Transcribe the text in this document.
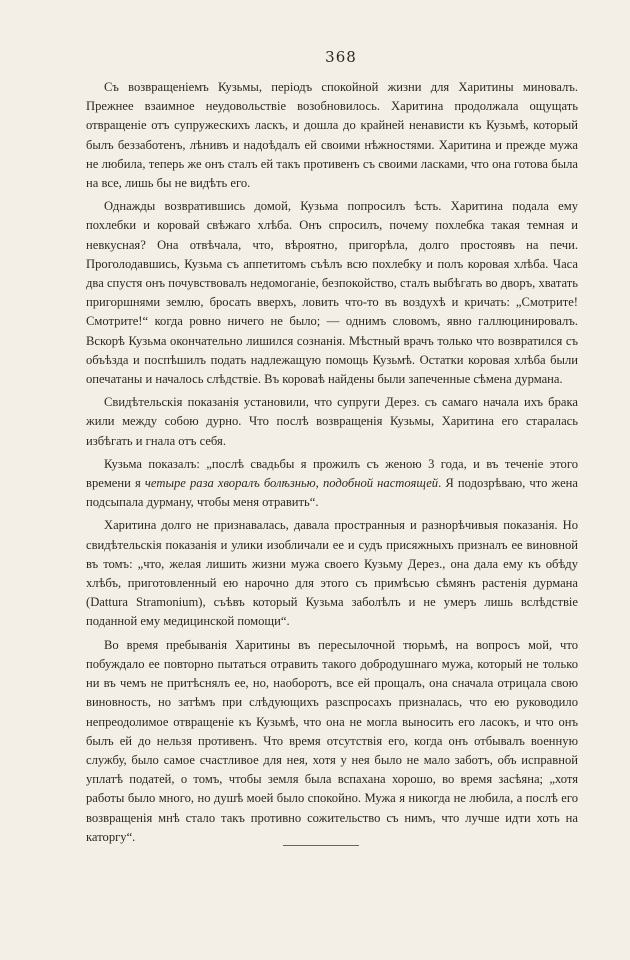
368

Съ возвращеніемъ Кузьмы, періодъ спокойной жизни для Харитины миновалъ. Прежнее взаимное неудовольствіе возобновилось. Харитина продолжала ощущать отвращеніе отъ супружескихъ ласкъ, и дошла до крайней ненависти къ Кузьмѣ, который былъ беззаботенъ, лѣнивъ и надоѣдалъ ей своими нѣжностями. Харитина и прежде мужа не любила, теперь же онъ сталъ ей такъ противенъ съ своими ласками, что она готова была на все, лишь бы не видѣть его.

Однажды возвратившись домой, Кузьма попросилъ ѣсть. Харитина подала ему похлебки и коровай свѣжаго хлѣба. Онъ спросилъ, почему похлебка такая темная и невкусная? Она отвѣчала, что, вѣроятно, пригорѣла, долго простоявъ на печи. Проголодавшись, Кузьма съ аппетитомъ съѣлъ всю похлебку и полъ коровая хлѣба. Часа два спустя онъ почувствовалъ недомоганіе, безпокойство, сталъ выбѣгать во дворъ, хватать пригоршнями землю, бросать вверхъ, ловить что-то въ воздухѣ и кричать: „Смотрите! Смотрите!“ когда ровно ничего не было; — однимъ словомъ, явно галлюцинировалъ. Вскорѣ Кузьма окончательно лишился сознанія. Мѣстный врачъ только что возвратился съ объѣзда и поспѣшилъ подать надлежащую помощь Кузьмѣ. Остатки коровая хлѣба были опечатаны и началось слѣдствіе. Въ короваѣ найдены были запеченные сѣмена дурмана.

Свидѣтельскія показанія установили, что супруги Дерез. съ самаго начала ихъ брака жили между собою дурно. Что послѣ возвращенія Кузьмы, Харитина его старалась избѣгать и гнала отъ себя.

Кузьма показалъ: „послѣ свадьбы я прожилъ съ женою 3 года, и въ теченіе этого времени я четыре раза хворалъ болѣзнью, подобной настоящей. Я подозрѣваю, что жена подсыпала дурману, чтобы меня отравить“.

Харитина долго не признавалась, давала пространныя и разнорѣчивыя показанія. Но свидѣтельскія показанія и улики изобличали ее и судъ присяжныхъ призналъ ее виновной въ томъ: „что, желая лишить жизни мужа своего Кузьму Дерез., она дала ему къ обѣду хлѣбъ, приготовленный ею нарочно для этого съ примѣсью сѣмянъ растенія дурмана (Dattura Stramonium), съѣвъ который Кузьма заболѣлъ и не умеръ лишь вслѣдствіе поданной ему медицинской помощи“.

Во время пребыванія Харитины въ пересылочной тюрьмѣ, на вопросъ мой, что побуждало ее повторно пытаться отравить такого добродушнаго мужа, который не только ни въ чемъ не притѣснялъ ее, но, наоборотъ, все ей прощалъ, она сначала отрицала свою виновность, но затѣмъ при слѣдующихъ разспросахъ призналась, что ею руководило непреодолимое отвращеніе къ Кузьмѣ, что она не могла выносить его ласокъ, и что онъ былъ ей до нельзя противенъ. Что время отсутствія его, когда онъ отбывалъ военную службу, было самое счастливое для нея, хотя у нея было не мало заботъ, объ исправной уплатѣ податей, о томъ, чтобы земля была вспахана хорошо, во время засѣяна; „хотя работы было много, но душѣ моей было спокойно. Мужа я никогда не любила, а послѣ его возвращенія мнѣ стало такъ противно сожительство съ нимъ, что лучше идти хоть на каторгу“.
